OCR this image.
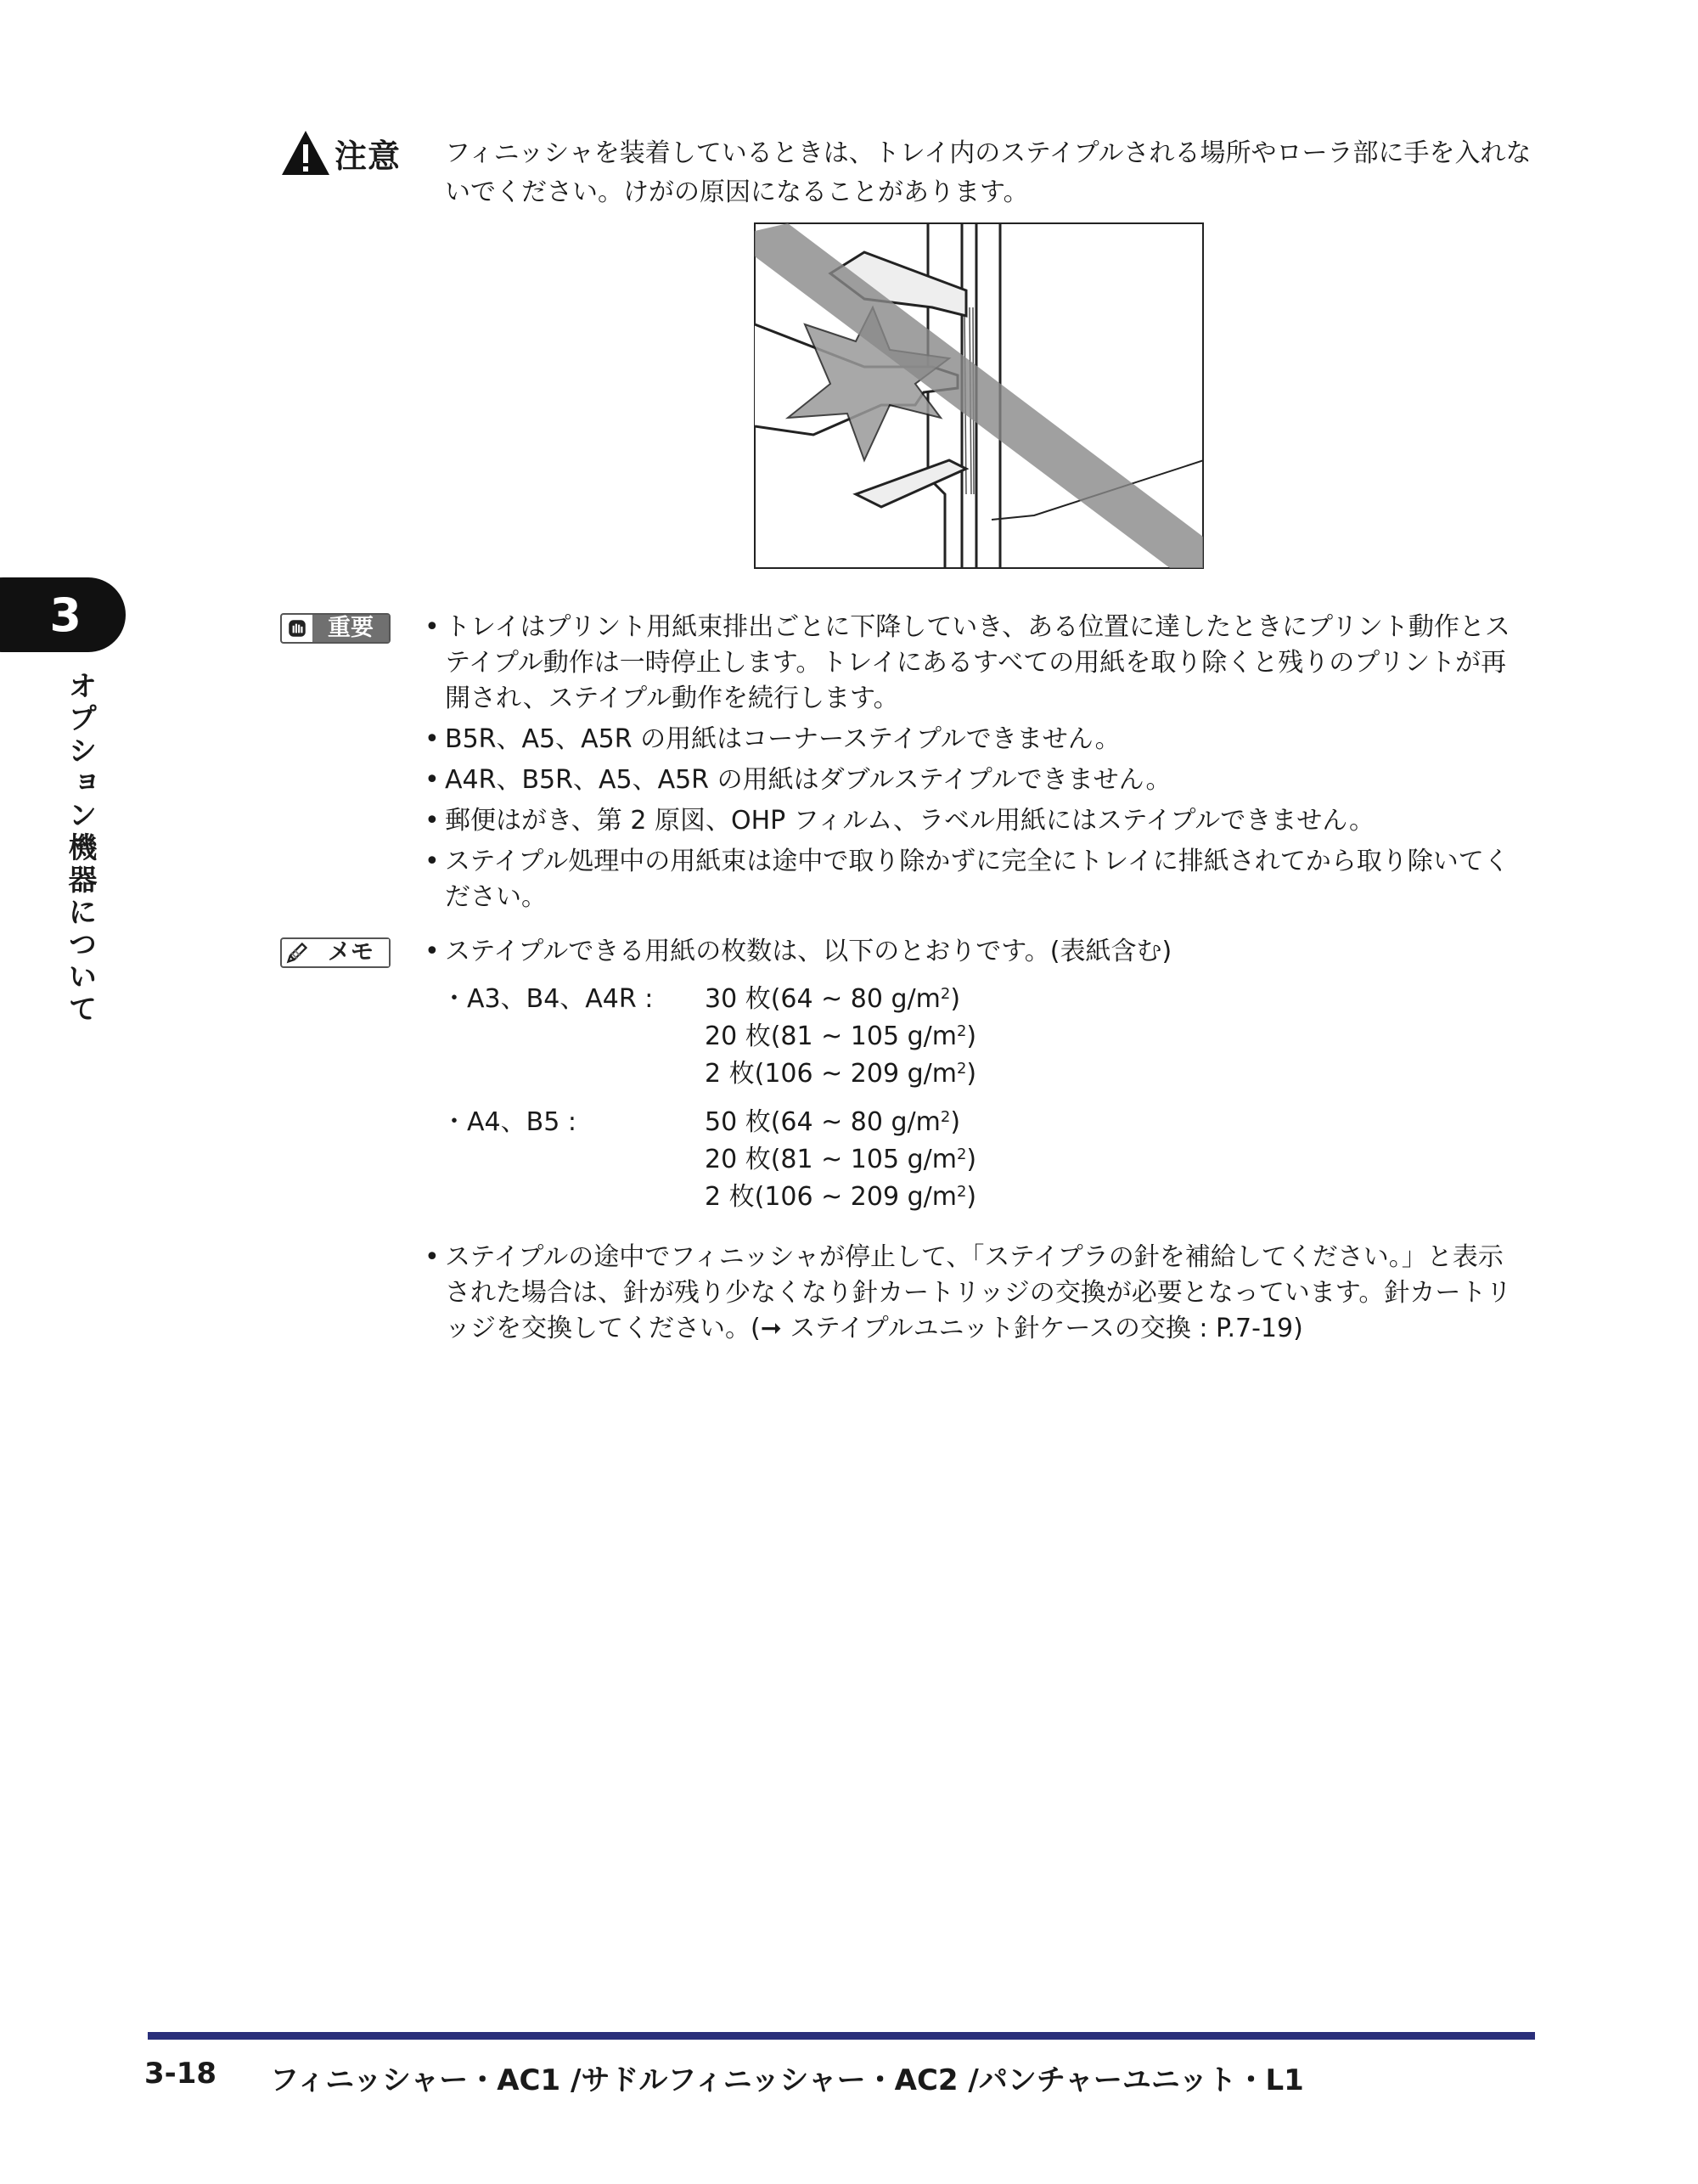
注意 フィニッシャを装着しているときは、トレイ内のステイプルされる場所やローラ部に手を入れないでください。けがの原因になることがあります。
重要	• トレイはプリント用紙束排出ごとに下降していき、ある位置に達したときにプリント動作とステイプル動作は一時停止します。トレイにあるすべての用紙を取り除くと残りのプリントが再開され、ステイプル動作を続行します。
• B5R、A5、A5R の用紙はコーナーステイプルできません。
• A4R、B5R、A5、A5R の用紙はダブルステイプルできません。
• 郵便はがき、第 2 原図、OHP フィルム、ラベル用紙にはステイプルできません。
• ステイプル処理中の用紙束は途中で取り除かずに完全にトレイに排紙されてから取り除いてください。
メモ	• ステイプルできる用紙の枚数は、以下のとおりです。(表紙含む)
・A3、B4、A4R : 30 枚(64 ~ 80 $g/m^2$)
20 枚(81 ~ 105 $g/m^2$)
2 枚(106 ~ 209 $g/m^2$)
・A4、B5 :	50 枚(64 ~ 80 $g/m^2$)
20 枚(81 ~ 105 $g/m^2$)
2 枚(106 ~ 209 $g/m^2$)
• ステイプルの途中でフィニッシャが停止して、「ステイプラの針を補給してください。」と表示された場合は、針が残り少なくなり針カートリッジの交換が必要となっています。針カートリッジを交換してください。(➞ ステイプルユニット針ケースの交換 : P.7-19)
3
オプション機器について
3-18 フィニッシャー・AC1 /サドルフィニッシャー・AC2 /パンチャーユニット・L1
